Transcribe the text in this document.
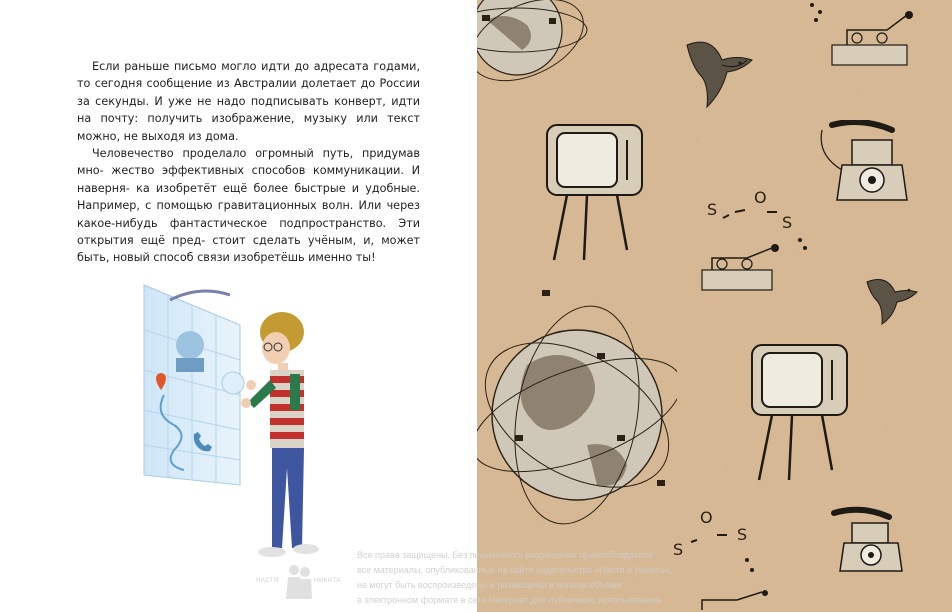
Если раньше письмо могло идти до адресата годами, то сегодня сообщение из Австралии долетает до России за секунды. И уже не надо подписывать конверт, идти на почту: получить изображение, музыку или текст можно, не выходя из дома.

Человечество проделало огромный путь, придумав мно- жество эффективных способов коммуникации. И наверня- ка изобретёт ещё более быстрые и удобные. Например, с помощью гравитационных волн. Или через какое-нибудь фантастическое подпространство. Эти открытия ещё пред- стоит сделать учёным, и, может быть, новый способ связи изобретёшь именно ты!

S
O
S
S
O
S
НАСТЯ	НИКИТА
Все права защищены. Без письменного разрешения правообладателя
все материалы, опубликованные на сайте издательства «Настя и Никита»,
не могут быть воспроизведены и размещены в полном объеме
в электронном формате в сети Интернет для публичного использования.
